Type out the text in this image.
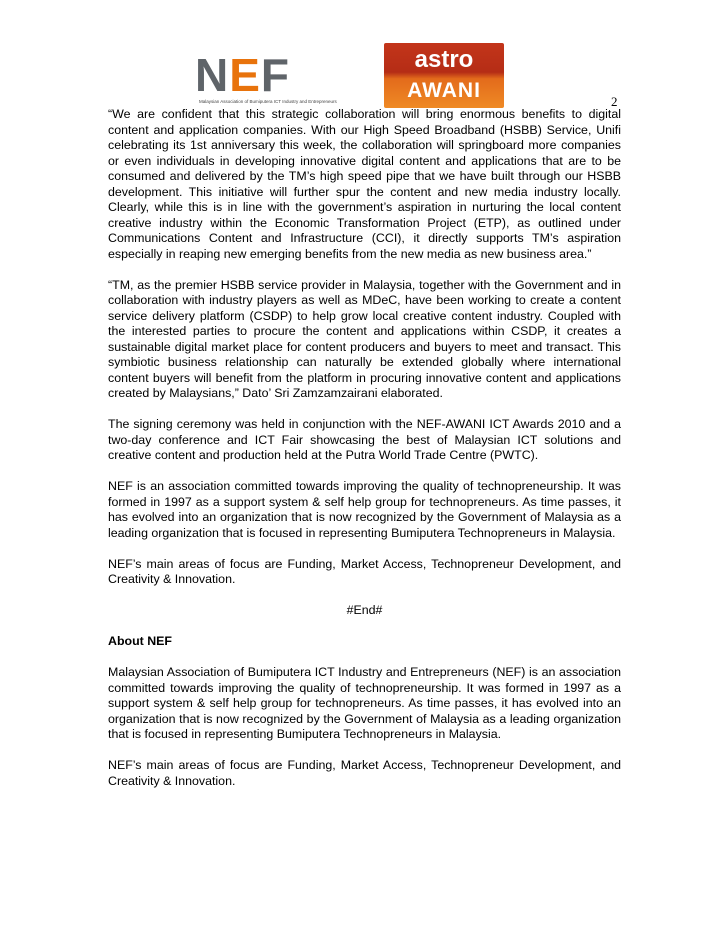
NEF
Malaysian Association of Bumiputera ICT Industry and Entrepreneurs
astro
AWANI	2

“We are confident that this strategic collaboration will bring enormous benefits to digital content and application companies. With our High Speed Broadband (HSBB) Service, Unifi celebrating its 1st anniversary this week, the collaboration will springboard more companies or even individuals in developing innovative digital content and applications that are to be consumed and delivered by the TM’s high speed pipe that we have built through our HSBB development. This initiative will further spur the content and new media industry locally. Clearly, while this is in line with the government’s aspiration in nurturing the local content creative industry within the Economic Transformation Project (ETP), as outlined under Communications Content and Infrastructure (CCI), it directly supports TM’s aspiration especially in reaping new emerging benefits from the new media as new business area.”

“TM, as the premier HSBB service provider in Malaysia, together with the Government and in collaboration with industry players as well as MDeC, have been working to create a content service delivery platform (CSDP) to help grow local creative content industry. Coupled with the interested parties to procure the content and applications within CSDP, it creates a sustainable digital market place for content producers and buyers to meet and transact. This symbiotic business relationship can naturally be extended globally where international content buyers will benefit from the platform in procuring innovative content and applications created by Malaysians,” Dato’ Sri Zamzamzairani elaborated.

The signing ceremony was held in conjunction with the NEF-AWANI ICT Awards 2010 and a two-day conference and ICT Fair showcasing the best of Malaysian ICT solutions and creative content and production held at the Putra World Trade Centre (PWTC).

NEF is an association committed towards improving the quality of technopreneurship. It was formed in 1997 as a support system & self help group for technopreneurs. As time passes, it has evolved into an organization that is now recognized by the Government of Malaysia as a leading organization that is focused in representing Bumiputera Technopreneurs in Malaysia.

NEF’s main areas of focus are Funding, Market Access, Technopreneur Development, and Creativity & Innovation.

#End#

About NEF

Malaysian Association of Bumiputera ICT Industry and Entrepreneurs (NEF) is an association committed towards improving the quality of technopreneurship. It was formed in 1997 as a support system & self help group for technopreneurs. As time passes, it has evolved into an organization that is now recognized by the Government of Malaysia as a leading organization that is focused in representing Bumiputera Technopreneurs in Malaysia.

NEF’s main areas of focus are Funding, Market Access, Technopreneur Development, and Creativity & Innovation.
